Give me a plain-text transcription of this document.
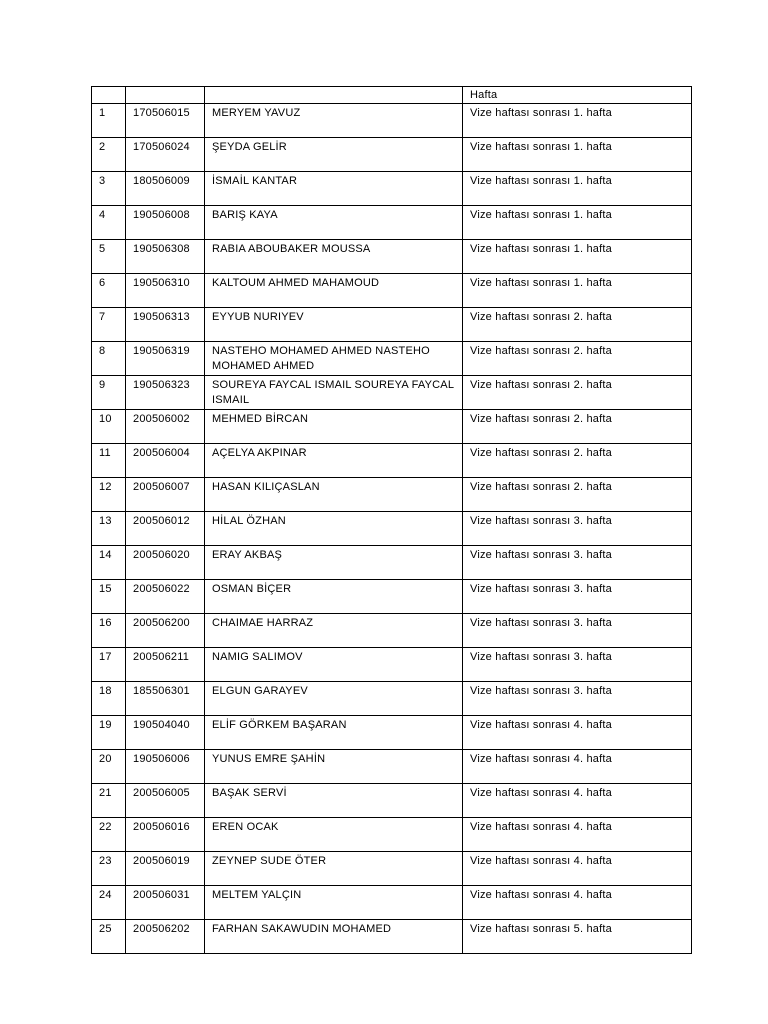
			Hafta
1	170506015	MERYEM YAVUZ	Vize haftası sonrası 1. hafta
2	170506024	ŞEYDA GELİR	Vize haftası sonrası 1. hafta
3	180506009	İSMAİL KANTAR	Vize haftası sonrası 1. hafta
4	190506008	BARIŞ KAYA	Vize haftası sonrası 1. hafta
5	190506308	RABIA ABOUBAKER MOUSSA	Vize haftası sonrası 1. hafta
6	190506310	KALTOUM AHMED MAHAMOUD	Vize haftası sonrası 1. hafta
7	190506313	EYYUB NURIYEV	Vize haftası sonrası 2. hafta
8	190506319	NASTEHO MOHAMED AHMED NASTEHO MOHAMED AHMED	Vize haftası sonrası 2. hafta
9	190506323	SOUREYA FAYCAL ISMAIL SOUREYA FAYCAL ISMAIL	Vize haftası sonrası 2. hafta
10	200506002	MEHMED BİRCAN	Vize haftası sonrası 2. hafta
11	200506004	AÇELYA AKPINAR	Vize haftası sonrası 2. hafta
12	200506007	HASAN KILIÇASLAN	Vize haftası sonrası 2. hafta
13	200506012	HİLAL ÖZHAN	Vize haftası sonrası 3. hafta
14	200506020	ERAY AKBAŞ	Vize haftası sonrası 3. hafta
15	200506022	OSMAN BİÇER	Vize haftası sonrası 3. hafta
16	200506200	CHAIMAE HARRAZ	Vize haftası sonrası 3. hafta
17	200506211	NAMIG SALIMOV	Vize haftası sonrası 3. hafta
18	185506301	ELGUN GARAYEV	Vize haftası sonrası 3. hafta
19	190504040	ELİF GÖRKEM BAŞARAN	Vize haftası sonrası 4. hafta
20	190506006	YUNUS EMRE ŞAHİN	Vize haftası sonrası 4. hafta
21	200506005	BAŞAK SERVİ	Vize haftası sonrası 4. hafta
22	200506016	EREN OCAK	Vize haftası sonrası 4. hafta
23	200506019	ZEYNEP SUDE ÖTER	Vize haftası sonrası 4. hafta
24	200506031	MELTEM YALÇIN	Vize haftası sonrası 4. hafta
25	200506202	FARHAN SAKAWUDIN MOHAMED	Vize haftası sonrası 5. hafta
